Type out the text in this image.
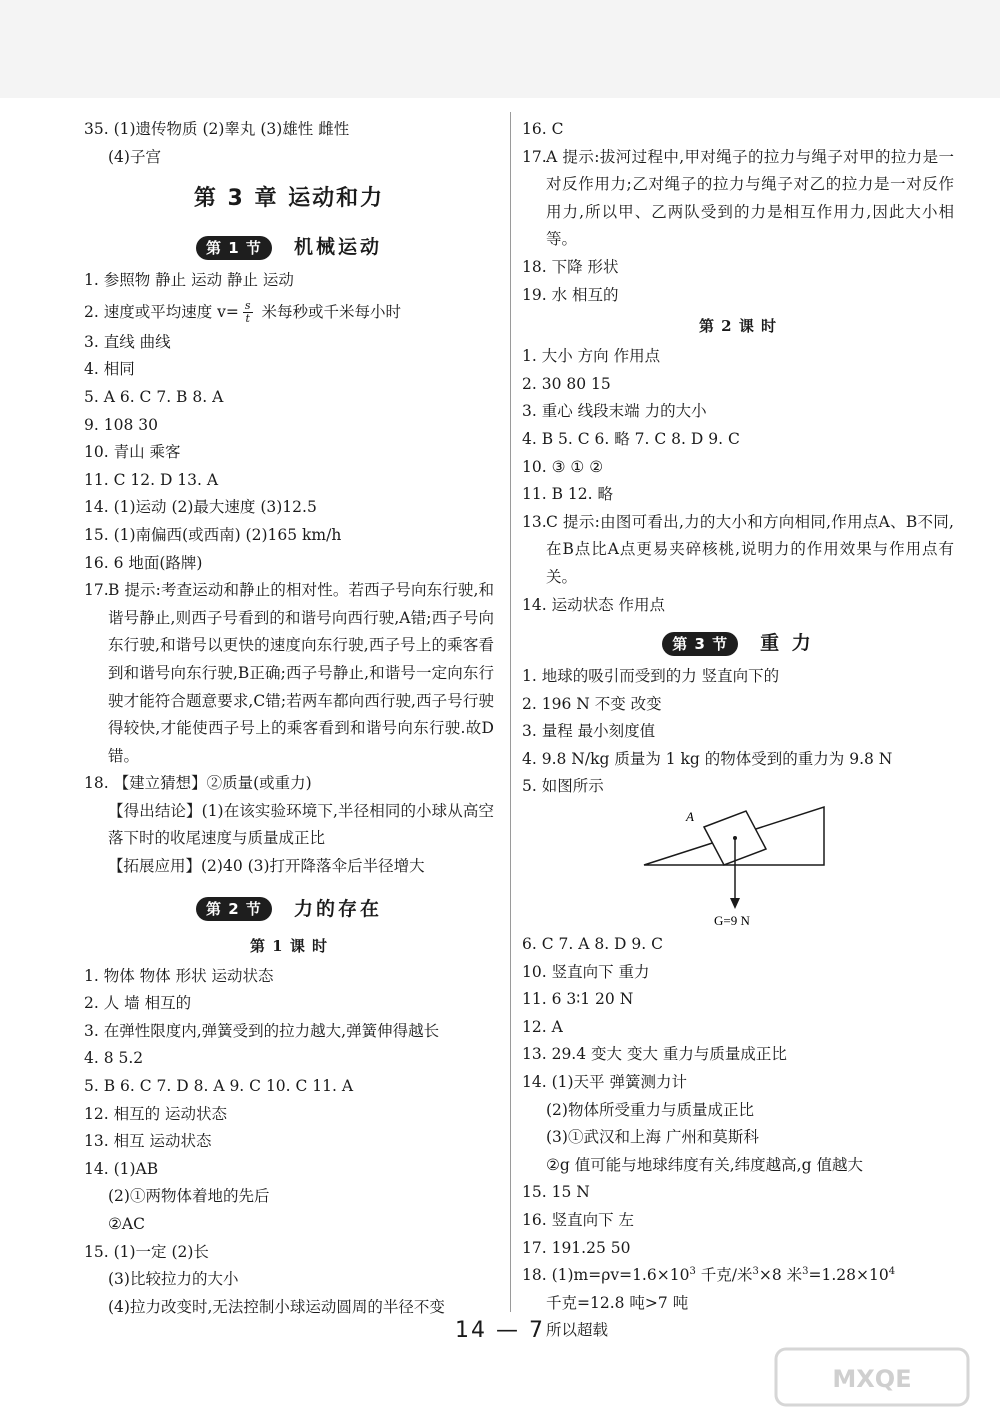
35. (1)遗传物质 (2)睾丸 (3)雄性 雌性
(4)子宫
第 3 章 运动和力
第 1 节 机械运动
1. 参照物 静止 运动 静止 运动
2. 速度或平均速度 $v= \frac{s}{t}$ 米每秒或千米每小时
3. 直线 曲线
4. 相同
5. A 6. C 7. B 8. A
9. 108 30
10. 青山 乘客
11. C 12. D 13. A
14. (1)运动 (2)最大速度 (3)12.5
15. (1)南偏西(或西南) (2)165 km/h
16. 6 地面(路牌)
17. B 提示:考查运动和静止的相对性。若西子号向东行驶,和谐号静止,则西子号看到的和谐号向西行驶,A错;西子号向东行驶,和谐号以更快的速度向东行驶,西子号上的乘客看到和谐号向东行驶,B正确;西子号静止,和谐号一定向东行驶才能符合题意要求,C错;若两车都向西行驶,西子号行驶得较快,才能使西子号上的乘客看到和谐号向东行驶.故D错。
18. 【建立猜想】②质量(或重力)
【得出结论】(1)在该实验环境下,半径相同的小球从高空落下时的收尾速度与质量成正比
【拓展应用】(2)40 (3)打开降落伞后半径增大
第 2 节 力的存在
第 1 课 时
1. 物体 物体 形状 运动状态
2. 人 墙 相互的
3. 在弹性限度内,弹簧受到的拉力越大,弹簧伸得越长
4. 8 5.2
5. B 6. C 7. D 8. A 9. C 10. C 11. A
12. 相互的 运动状态
13. 相互 运动状态
14. (1)AB
(2)①两物体着地的先后
②AC
15. (1)一定 (2)长
(3)比较拉力的大小
(4)拉力改变时,无法控制小球运动圆周的半径不变
16. C
17. A 提示:拔河过程中,甲对绳子的拉力与绳子对甲的拉力是一对反作用力;乙对绳子的拉力与绳子对乙的拉力是一对反作用力,所以甲、乙两队受到的力是相互作用力,因此大小相等。
18. 下降 形状
19. 水 相互的
第 2 课 时
1. 大小 方向 作用点
2. 30 80 15
3. 重心 线段末端 力的大小
4. B 5. C 6. 略 7. C 8. D 9. C
10. ③ ① ②
11. B 12. 略
13. C 提示:由图可看出,力的大小和方向相同,作用点A、B不同,在B点比A点更易夹碎核桃,说明力的作用效果与作用点有关。
14. 运动状态 作用点
第 3 节 重 力
1. 地球的吸引而受到的力 竖直向下的
2. 196 N 不变 改变
3. 量程 最小刻度值
4. 9.8 N/kg 质量为 1 kg 的物体受到的重力为 9.8 N
5. 如图所示
A
G=9 N
6. C 7. A 8. D 9. C
10. 竖直向下 重力
11. 6 3∶1 20 N
12. A
13. 29.4 变大 变大 重力与质量成正比
14. (1)天平 弹簧测力计
(2)物体所受重力与质量成正比
(3)①武汉和上海 广州和莫斯科
②g 值可能与地球纬度有关,纬度越高,g 值越大
15. 15 N
16. 竖直向下 左
17. 191.25 50
18. $(1)m=\rho v=1.6\times 10^3$ 千克/米$^3$×8 米$^3=1.28\times 10^4$
千克=12.8 吨>7 吨
所以超载
14 — 7
MXQE
